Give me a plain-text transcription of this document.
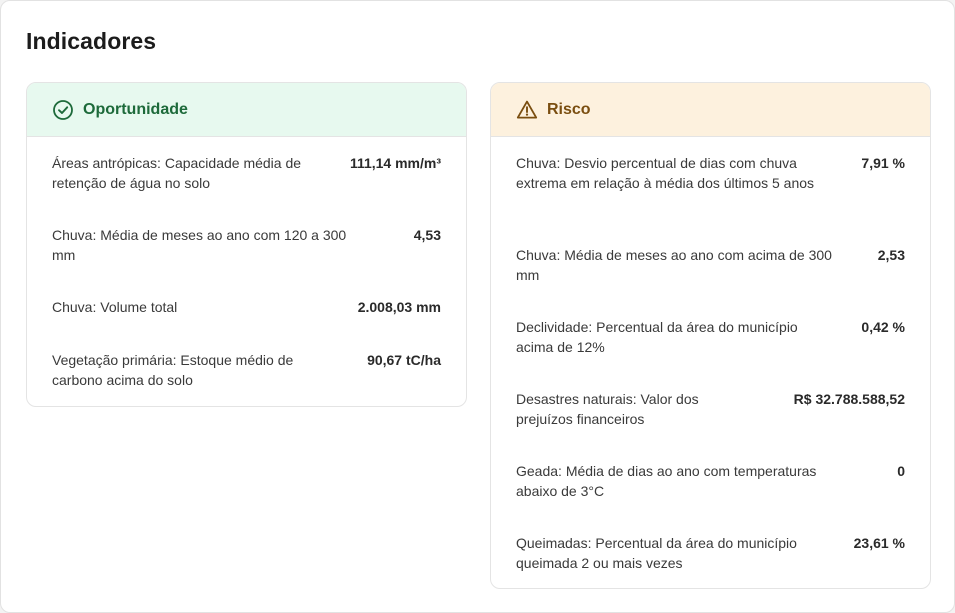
Indicadores
Oportunidade
Áreas antrópicas: Capacidade média de retenção de água no solo
111,14 mm/m³
Chuva: Média de meses ao ano com 120 a 300 mm
4,53
Chuva: Volume total	2.008,03 mm
Vegetação primária: Estoque médio de carbono acima do solo
90,67 tC/ha
Risco
Chuva: Desvio percentual de dias com chuva extrema em relação à média dos últimos 5 anos
7,91 %
Chuva: Média de meses ao ano com acima de 300 mm
2,53
Declividade: Percentual da área do município acima de 12%
0,42 %
Desastres naturais: Valor dos prejuízos financeiros
R$ 32.788.588,52
Geada: Média de dias ao ano com temperaturas abaixo de 3°C
0
Queimadas: Percentual da área do município queimada 2 ou mais vezes
23,61 %
